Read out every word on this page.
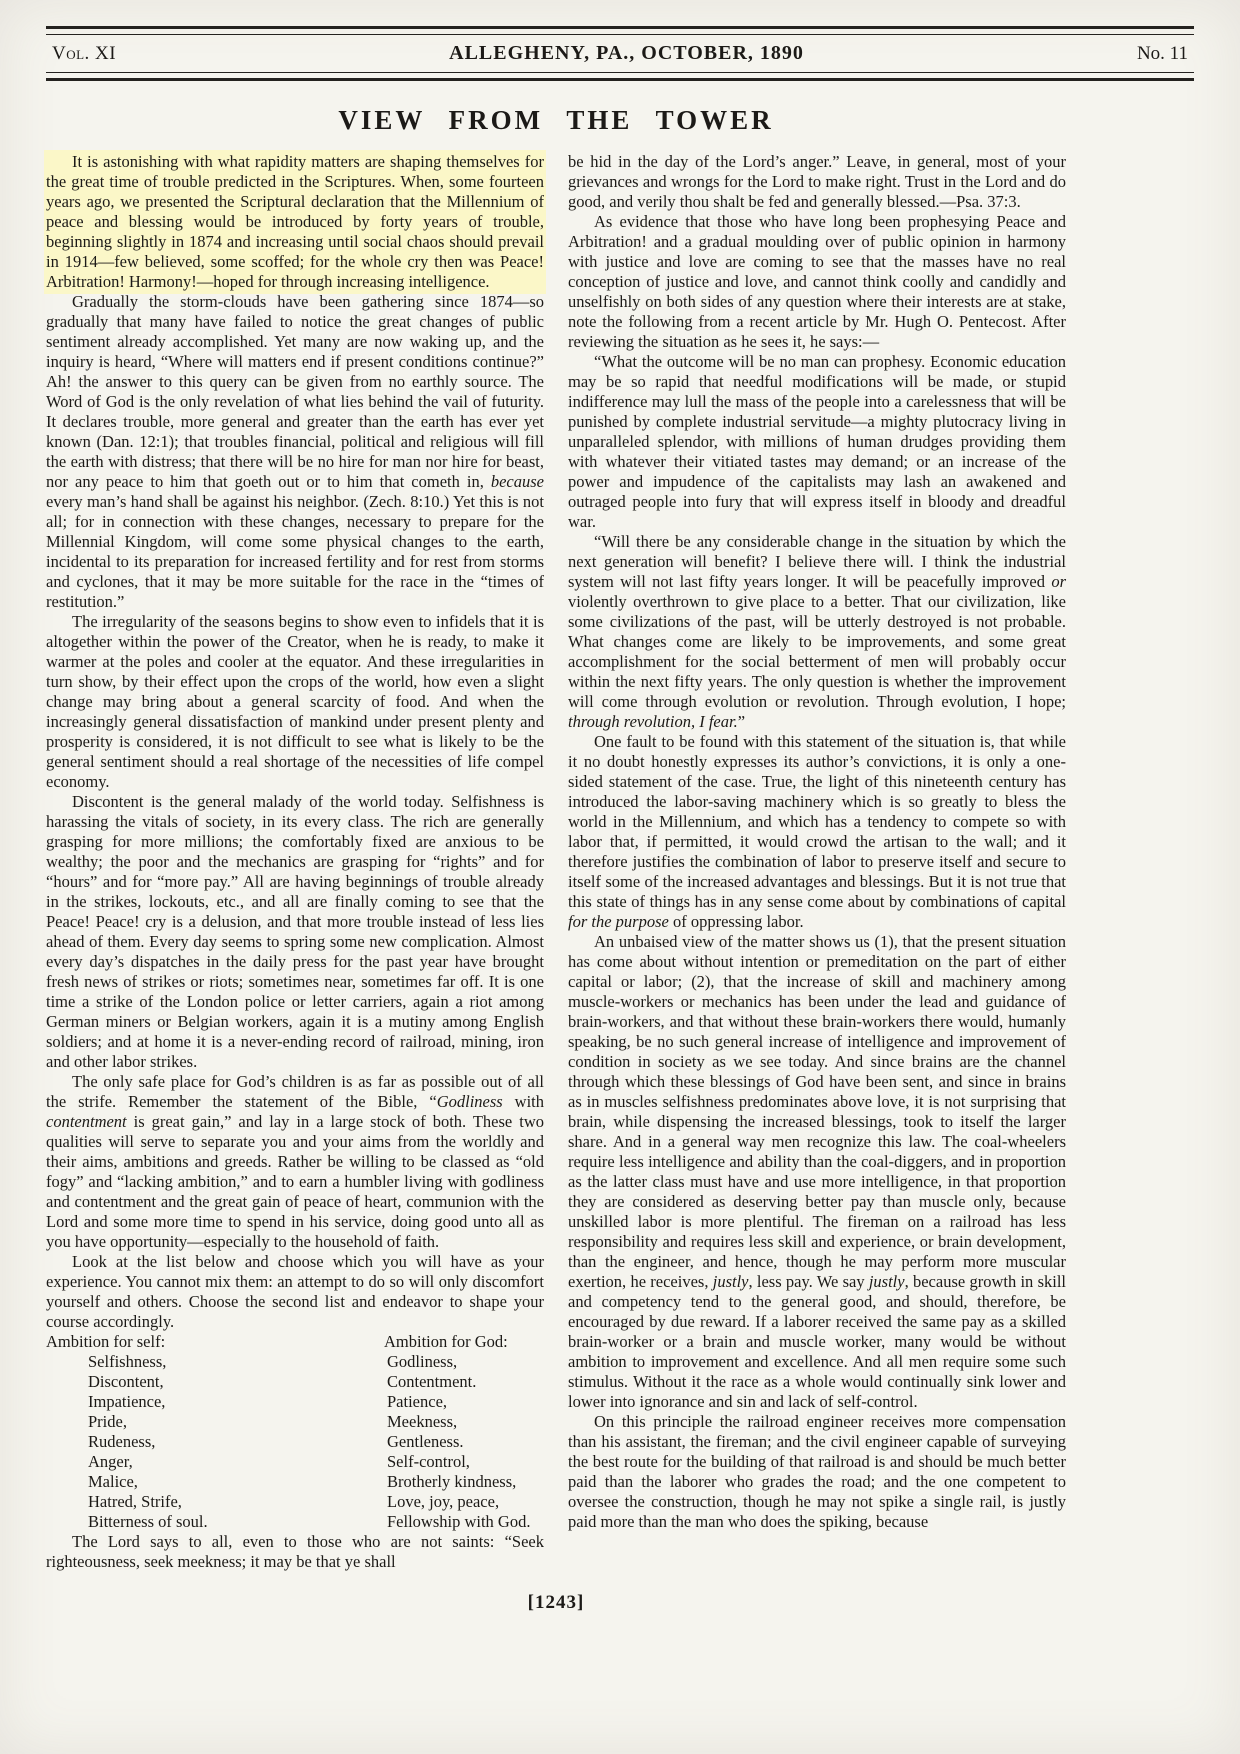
Vol. XI	ALLEGHENY, PA., OCTOBER, 1890	No. 11
VIEW FROM THE TOWER

It is astonishing with what rapidity matters are shaping themselves for the great time of trouble predicted in the Scriptures. When, some fourteen years ago, we presented the Scriptural declaration that the Millennium of peace and blessing would be introduced by forty years of trouble, beginning slightly in 1874 and increasing until social chaos should prevail in 1914—few believed, some scoffed; for the whole cry then was Peace! Arbitration! Harmony!—hoped for through increasing intelligence.

Gradually the storm-clouds have been gathering since 1874—so gradually that many have failed to notice the great changes of public sentiment already accomplished. Yet many are now waking up, and the inquiry is heard, “Where will matters end if present conditions continue?” Ah! the answer to this query can be given from no earthly source. The Word of God is the only revelation of what lies behind the vail of futurity. It declares trouble, more general and greater than the earth has ever yet known (Dan. 12:1); that troubles financial, political and religious will fill the earth with distress; that there will be no hire for man nor hire for beast, nor any peace to him that goeth out or to him that cometh in, because every man’s hand shall be against his neighbor. (Zech. 8:10.) Yet this is not all; for in connection with these changes, necessary to prepare for the Millennial Kingdom, will come some physical changes to the earth, incidental to its preparation for increased fertility and for rest from storms and cyclones, that it may be more suitable for the race in the “times of restitution.”

The irregularity of the seasons begins to show even to infidels that it is altogether within the power of the Creator, when he is ready, to make it warmer at the poles and cooler at the equator. And these irregularities in turn show, by their effect upon the crops of the world, how even a slight change may bring about a general scarcity of food. And when the increasingly general dissatisfaction of mankind under present plenty and prosperity is considered, it is not difficult to see what is likely to be the general sentiment should a real shortage of the necessities of life compel economy.

Discontent is the general malady of the world today. Selfishness is harassing the vitals of society, in its every class. The rich are generally grasping for more millions; the comfortably fixed are anxious to be wealthy; the poor and the mechanics are grasping for “rights” and for “hours” and for “more pay.” All are having beginnings of trouble already in the strikes, lockouts, etc., and all are finally coming to see that the Peace! Peace! cry is a delusion, and that more trouble instead of less lies ahead of them. Every day seems to spring some new complication. Almost every day’s dispatches in the daily press for the past year have brought fresh news of strikes or riots; sometimes near, sometimes far off. It is one time a strike of the London police or letter carriers, again a riot among German miners or Belgian workers, again it is a mutiny among English soldiers; and at home it is a never-ending record of railroad, mining, iron and other labor strikes.

The only safe place for God’s children is as far as possible out of all the strife. Remember the statement of the Bible, “Godliness with contentment is great gain,” and lay in a large stock of both. These two qualities will serve to separate you and your aims from the worldly and their aims, ambitions and greeds. Rather be willing to be classed as “old fogy” and “lacking ambition,” and to earn a humbler living with godliness and contentment and the great gain of peace of heart, communion with the Lord and some more time to spend in his service, doing good unto all as you have opportunity—especially to the household of faith.

Look at the list below and choose which you will have as your experience. You cannot mix them: an attempt to do so will only discomfort yourself and others. Choose the second list and endeavor to shape your course accordingly.

Ambition for self:

Selfishness,

Discontent,

Impatience,

Pride,

Rudeness,

Anger,

Malice,

Hatred, Strife,

Bitterness of soul.

Ambition for God:

Godliness,

Contentment.

Patience,

Meekness,

Gentleness.

Self-control,

Brotherly kindness,

Love, joy, peace,

Fellowship with God.

The Lord says to all, even to those who are not saints: “Seek righteousness, seek meekness; it may be that ye shall

be hid in the day of the Lord’s anger.” Leave, in general, most of your grievances and wrongs for the Lord to make right. Trust in the Lord and do good, and verily thou shalt be fed and generally blessed.—Psa. 37:3.

As evidence that those who have long been prophesying Peace and Arbitration! and a gradual moulding over of public opinion in harmony with justice and love are coming to see that the masses have no real conception of justice and love, and cannot think coolly and candidly and unselfishly on both sides of any question where their interests are at stake, note the following from a recent article by Mr. Hugh O. Pentecost. After reviewing the situation as he sees it, he says:—

“What the outcome will be no man can prophesy. Economic education may be so rapid that needful modifications will be made, or stupid indifference may lull the mass of the people into a carelessness that will be punished by complete industrial servitude—a mighty plutocracy living in unparalleled splendor, with millions of human drudges providing them with whatever their vitiated tastes may demand; or an increase of the power and impudence of the capitalists may lash an awakened and outraged people into fury that will express itself in bloody and dreadful war.

“Will there be any considerable change in the situation by which the next generation will benefit? I believe there will. I think the industrial system will not last fifty years longer. It will be peacefully improved or violently overthrown to give place to a better. That our civilization, like some civilizations of the past, will be utterly destroyed is not probable. What changes come are likely to be improvements, and some great accomplishment for the social betterment of men will probably occur within the next fifty years. The only question is whether the improvement will come through evolution or revolution. Through evolution, I hope; through revolution, I fear.”

One fault to be found with this statement of the situation is, that while it no doubt honestly expresses its author’s convictions, it is only a one-sided statement of the case. True, the light of this nineteenth century has introduced the labor-saving machinery which is so greatly to bless the world in the Millennium, and which has a tendency to compete so with labor that, if permitted, it would crowd the artisan to the wall; and it therefore justifies the combination of labor to preserve itself and secure to itself some of the increased advantages and blessings. But it is not true that this state of things has in any sense come about by combinations of capital for the purpose of oppressing labor.

An unbaised view of the matter shows us (1), that the present situation has come about without intention or premeditation on the part of either capital or labor; (2), that the increase of skill and machinery among muscle-workers or mechanics has been under the lead and guidance of brain-workers, and that without these brain-workers there would, humanly speaking, be no such general increase of intelligence and improvement of condition in society as we see today. And since brains are the channel through which these blessings of God have been sent, and since in brains as in muscles selfishness predominates above love, it is not surprising that brain, while dispensing the increased blessings, took to itself the larger share. And in a general way men recognize this law. The coal-wheelers require less intelligence and ability than the coal-diggers, and in proportion as the latter class must have and use more intelligence, in that proportion they are considered as deserving better pay than muscle only, because unskilled labor is more plentiful. The fireman on a railroad has less responsibility and requires less skill and experience, or brain development, than the engineer, and hence, though he may perform more muscular exertion, he receives, justly, less pay. We say justly, because growth in skill and competency tend to the general good, and should, therefore, be encouraged by due reward. If a laborer received the same pay as a skilled brain-worker or a brain and muscle worker, many would be without ambition to improvement and excellence. And all men require some such stimulus. Without it the race as a whole would continually sink lower and lower into ignorance and sin and lack of self-control.

On this principle the railroad engineer receives more compensation than his assistant, the fireman; and the civil engineer capable of surveying the best route for the building of that railroad is and should be much better paid than the laborer who grades the road; and the one competent to oversee the construction, though he may not spike a single rail, is justly paid more than the man who does the spiking, because

[1243]
